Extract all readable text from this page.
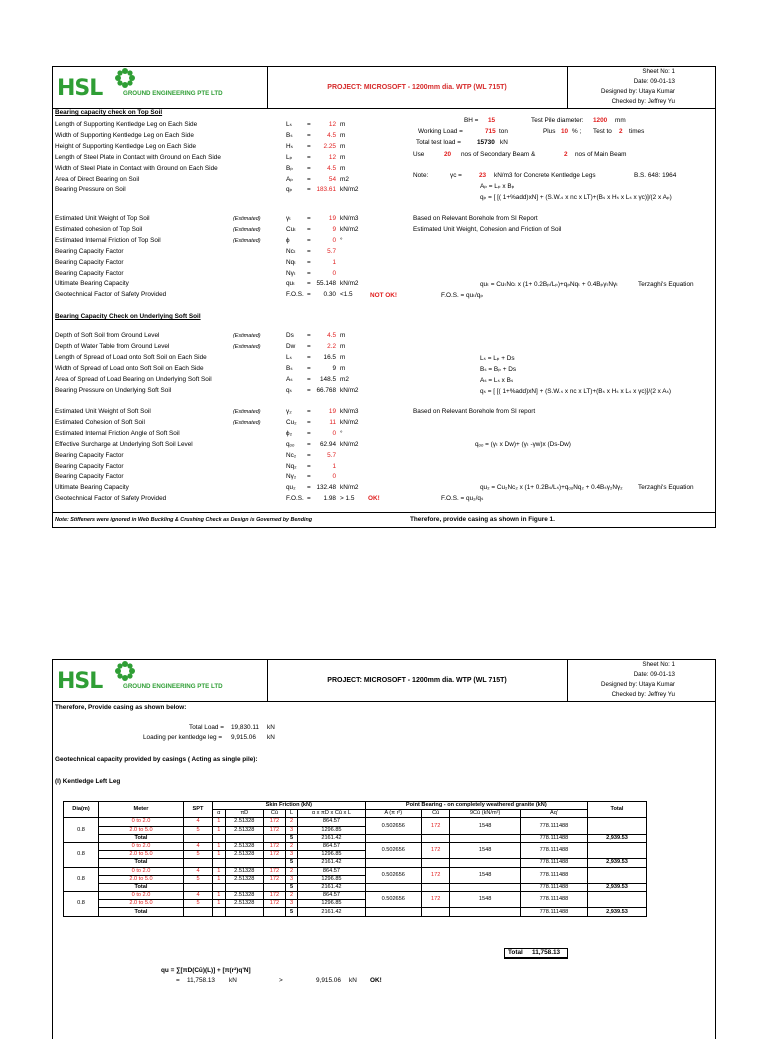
HSL	GROUND ENGINEERING PTE LTD
PROJECT: MICROSOFT - 1200mm dia. WTP (WL 715T)
Sheet No: 1
Date: 09-01-13
Designed by: Utaya Kumar
Checked by: Jeffrey Yu
Bearing capacity check on Top Soil
Length of Supporting Kentledge Leg on Each Side	Lₛ =	12 m
Width of Supporting Kentledge Leg on Each Side	Bₛ =	4.5 m
Height of Supporting Kentledge Leg on Each Side	Hₛ =	2.25 m
Length of Steel Plate in Contact with Ground on Each Side	Lₚ =	12 m
Width of Steel Plate in Contact with Ground on Each Side	Bₚ =	4.5 m
Area of Direct Bearing on Soil	Aₚ =	54 m2
Bearing Pressure on Soil	qₚ = 183.61 kN/m2
Estimated Unit Weight of Top Soil	(Estimated)	γₜ =	19 kN/m3
Estimated cohesion of Top Soil	(Estimated)	Cuₜ =	9 kN/m2
Estimated Internal Friction of Top Soil	(Estimated)	ϕ	=	0 °
Bearing Capacity Factor	Ncₜ =	5.7
Bearing Capacity Factor	Nqₜ =	1
Bearing Capacity Factor	Nγₜ =	0
Ultimate Bearing Capacity	quₜ = 55.148 kN/m2
Geotechnical Factor of Safety Provided	F.O.S. =	0.30 <1.5	NOT OK!
Bearing Capacity Check on Underlying Soft Soil
Depth of Soft Soil from Ground Level	(Estimated)	Ds =	4.5 m
Depth of Water Table from Ground Level	(Estimated)	Dw =	2.2 m
Length of Spread of Load onto Soft Soil on Each Side	Lₛ =	16.5 m
Width of Spread of Load onto Soft Soil on Each Side	Bₛ =	9 m
Area of Spread of Load Bearing on Underlying Soft Soil	Aₛ =	148.5 m2
Bearing Pressure on Underlying Soft Soil	qₛ = 66.768 kN/m2
Estimated Unit Weight of Soft Soil	(Estimated)	γ₂ =	19 kN/m3
Estimated Cohesion of Soft Soil	(Estimated)	Cu₂ =	11 kN/m2
Estimated Internal Friction Angle of Soft Soil	ϕ₂ =	0 °
Effective Surcharge at Underlying Soft Soil Level	qₒₒ =	62.94 kN/m2
Bearing Capacity Factor	Nc₂ =	5.7
Bearing Capacity Factor	Nq₂ =	1
Bearing Capacity Factor	Nγ₂ =	0
Ultimate Bearing Capacity	qu₂ = 132.48 kN/m2
Geotechnical Factor of Safety Provided	F.O.S. =	1.98 > 1.5 OK!
Note: Stiffeners were ignored in Web Buckling & Crushing Check as Design is Governed by Bending	Therefore, provide casing as shown in Figure 1.
BH = 15	Test Pile diameter: 1200 mm
Working Load =	715 ton	Plus 10 % ; Test to 2 times
Total test load =	15730 kN
Use	20 nos of Secondary Beam &	2 nos of Main Beam
Note:	γc =	23 kN/m3 for Concrete Kentledge Legs	B.S. 648: 1964
Aₚ = Lₚ x Bₚ
qₚ = [ [( 1+%add)xN] + (S.W.ₛ x nc x LT)+(Bₛ x Hₛ x Lₛ x γc)]/(2 x Aₚ)
Based on Relevant Borehole from SI Report
Estimated Unit Weight, Cohesion and Friction of Soil
quₜ = CuₜNcₜ x (1+ 0.2Bₚ/Lₚ)+qₚNqₜ + 0.4BₚγₜNγₜ	Terzaghi's Equation
F.O.S. = quₜ/qₚ
Lₛ = Lₚ + Ds
Bₛ = Bₚ + Ds
Aₛ = Lₛ x Bₛ
qₛ = [ [( 1+%add)xN] + (S.W.ₛ x nc x LT)+(Bₛ x Hₛ x Lₛ x γc)]/(2 x Aₛ)
Based on Relevant Borehole from SI report
qₒₒ = (γₜ x Dw)+ (γₜ -γw)x (Ds-Dw)
qu₂ = Cu₂Nc₂ x (1+ 0.2Bₛ/Lₛ)+qₒₒNq₂ + 0.4Bₛγ₂Nγ₂ Terzaghi's Equation
F.O.S. = qu₂/qₛ
HSL	GROUND ENGINEERING PTE LTD
PROJECT: MICROSOFT - 1200mm dia. WTP (WL 715T)
Sheet No: 1
Date: 09-01-13
Designed by: Utaya Kumar
Checked by: Jeffrey Yu
Therefore, Provide casing as shown below:
Total Load = 19,830.11 kN
Loading per kentledge leg = 9,915.06 kN
Geotechnical capacity provided by casings ( Acting as single pile):
(I) Kentledge Left Leg
Dia(m)	Meter	SPT	Skin Friction (kN)					Point Bearing - on completely weathered granite (kN)				Total
			α	πD	Cū	L	α x πD x Cū x L	A (π r²)	Cū	9Cū (kN/m²)	Aq'	
0.8	0 to 2.0	4	1	2.51328	172	2	864.57	0.502656	172	1548	778.111488	
	2.0 to 5.0	5	1	2.51328	172	3	1296.85					
	Total					5	2161.42				778.111488	2,939.53
0.8	0 to 2.0	4	1	2.51328	172	2	864.57	0.502656	172	1548	778.111488	
	2.0 to 5.0	5	1	2.51328	172	3	1296.85					
	Total					5	2161.42				778.111488	2,939.53
0.8	0 to 2.0	4	1	2.51328	172	2	864.57	0.502656	172	1548	778.111488	
	2.0 to 5.0	5	1	2.51328	172	3	1296.85					
	Total					5	2161.42				778.111488	2,939.53
0.8	0 to 2.0	4	1	2.51328	172	2	864.57	0.502656	172	1548	778.111488	
	2.0 to 5.0	5	1	2.51328	172	3	1296.85					
	Total					5	2161.42				778.111488	2,939.53
Total 11,758.13
qu = ∑[πD(Cū)(L)] + [π(r²)q'N]
= 11,758.13 kN	>	9,915.06 kN OK!
